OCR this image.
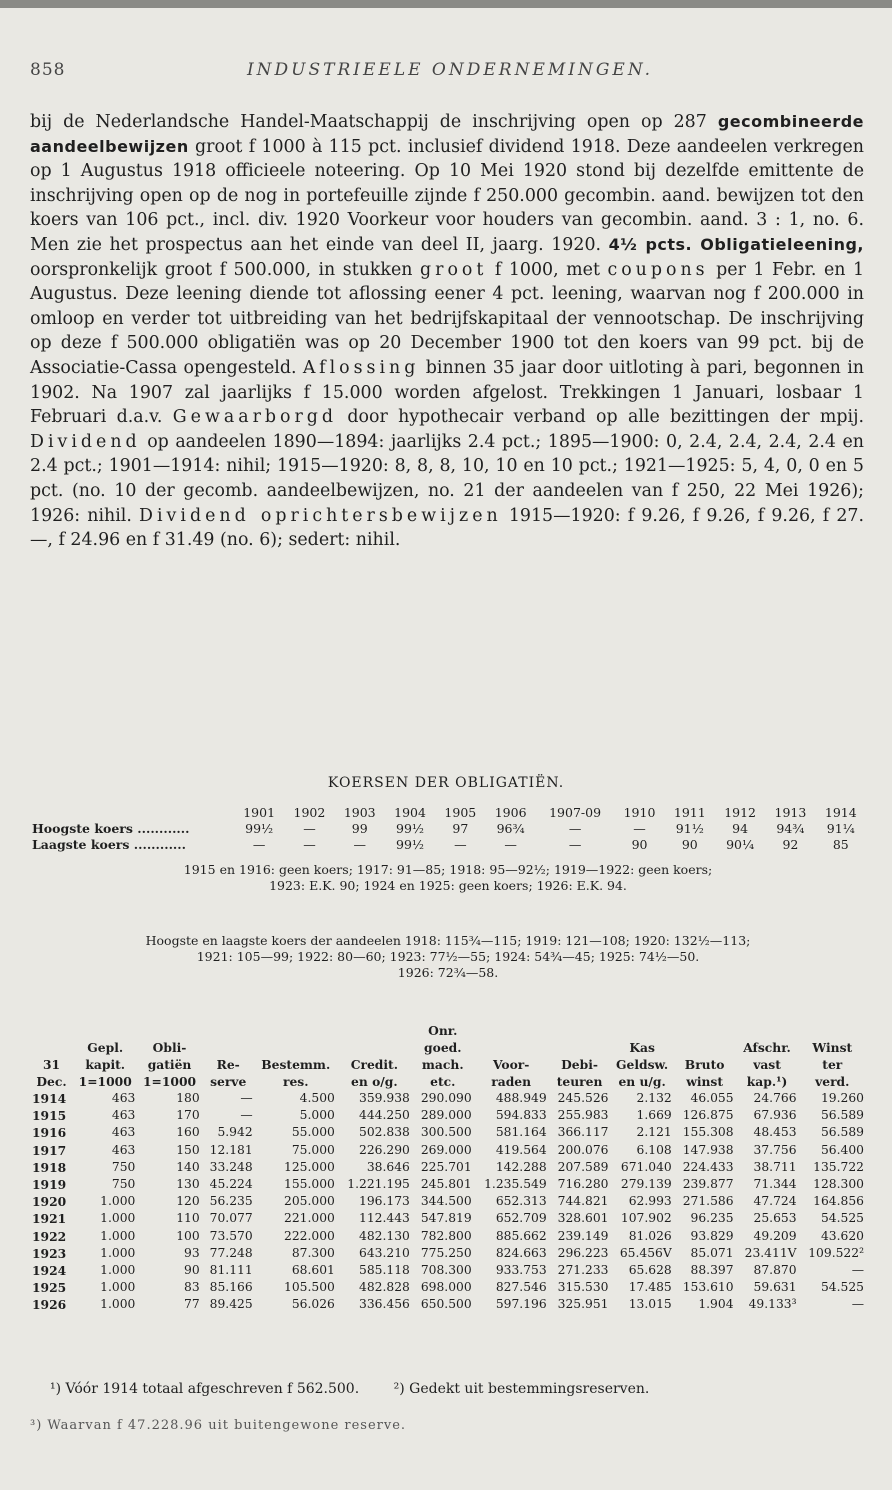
858	INDUSTRIEELE ONDERNEMINGEN.

bij de Nederlandsche Handel-Maatschappij de inschrijving open op 287 gecombineerde aandeelbewijzen groot f 1000 à 115 pct. inclusief dividend 1918. Deze aandeelen verkregen op 1 Augustus 1918 officieele noteering. Op 10 Mei 1920 stond bij dezelfde emittente de inschrijving open op de nog in portefeuille zijnde f 250.000 gecombin. aand. bewijzen tot den koers van 106 pct., incl. div. 1920 Voorkeur voor houders van gecombin. aand. 3 : 1, no. 6. Men zie het prospectus aan het einde van deel II, jaarg. 1920. 4½ pcts. Obligatieleening, oorspronkelijk groot f 500.000, in stukken groot f 1000, met coupons per 1 Febr. en 1 Augustus. Deze leening diende tot aflossing eener 4 pct. leening, waarvan nog f 200.000 in omloop en verder tot uitbreiding van het bedrijfskapitaal der vennootschap. De inschrijving op deze f 500.000 obligatiën was op 20 December 1900 tot den koers van 99 pct. bij de Associatie-Cassa opengesteld. Aflossing binnen 35 jaar door uitloting à pari, begonnen in 1902. Na 1907 zal jaarlijks f 15.000 worden afgelost. Trekkingen 1 Januari, losbaar 1 Februari d.a.v. Gewaarborgd door hypothecair verband op alle bezittingen der mpij. Dividend op aandeelen 1890—1894: jaarlijks 2.4 pct.; 1895—1900: 0, 2.4, 2.4, 2.4, 2.4 en 2.4 pct.; 1901—1914: nihil; 1915—1920: 8, 8, 8, 10, 10 en 10 pct.; 1921—1925: 5, 4, 0, 0 en 5 pct. (no. 10 der gecomb. aandeelbewijzen, no. 21 der aandeelen van f 250, 22 Mei 1926); 1926: nihil. Dividend oprichtersbewijzen 1915—1920: f 9.26, f 9.26, f 9.26, f 27.—, f 24.96 en f 31.49 (no. 6); sedert: nihil.

KOERSEN DER OBLIGATIËN.
	1901	1902	1903	1904	1905	1906	1907-09	1910	1911	1912	1913	1914
Hoogste koers ............	99½	—	99	99½	97	96¾	—	—	91½	94	94¾	91¼
Laagste koers ............	—	—	—	99½	—	—	—	90	90	90¼	92	85
1915 en 1916: geen koers; 1917: 91—85; 1918: 95—92½; 1919—1922: geen koers;
1923: E.K. 90; 1924 en 1925: geen koers; 1926: E.K. 94.
Hoogste en laagste koers der aandeelen 1918: 115¾—115; 1919: 121—108; 1920: 132½—113;
1921: 105—99; 1922: 80—60; 1923: 77½—55; 1924: 54¾—45; 1925: 74½—50.
1926: 72¾—58.
						Onr.						
	Gepl.	Obli-				goed.			Kas		Afschr.	Winst
31	kapit.	gatiën	Re-	Bestemm.	Credit.	mach.	Voor-	Debi-	Geldsw.	Bruto	vast	ter
Dec.	1=1000	1=1000	serve	res.	en o/g.	etc.	raden	teuren	en u/g.	winst	kap.¹)	verd.
1914	463	180	—	4.500	359.938	290.090	488.949	245.526	2.132	46.055	24.766	19.260
1915	463	170	—	5.000	444.250	289.000	594.833	255.983	1.669	126.875	67.936	56.589
1916	463	160	5.942	55.000	502.838	300.500	581.164	366.117	2.121	155.308	48.453	56.589
1917	463	150	12.181	75.000	226.290	269.000	419.564	200.076	6.108	147.938	37.756	56.400
1918	750	140	33.248	125.000	38.646	225.701	142.288	207.589	671.040	224.433	38.711	135.722
1919	750	130	45.224	155.000	1.221.195	245.801	1.235.549	716.280	279.139	239.877	71.344	128.300
1920	1.000	120	56.235	205.000	196.173	344.500	652.313	744.821	62.993	271.586	47.724	164.856
1921	1.000	110	70.077	221.000	112.443	547.819	652.709	328.601	107.902	96.235	25.653	54.525
1922	1.000	100	73.570	222.000	482.130	782.800	885.662	239.149	81.026	93.829	49.209	43.620
1923	1.000	93	77.248	87.300	643.210	775.250	824.663	296.223	65.456V	85.071	23.411V	109.522²
1924	1.000	90	81.111	68.601	585.118	708.300	933.753	271.233	65.628	88.397	87.870	—
1925	1.000	83	85.166	105.500	482.828	698.000	827.546	315.530	17.485	153.610	59.631	54.525
1926	1.000	77	89.425	56.026	336.456	650.500	597.196	325.951	13.015	1.904	49.133³	—
¹) Vóór 1914 totaal afgeschreven f 562.500. ²) Gedekt uit bestemmingsreserven.
³) Waarvan f 47.228.96 uit buitengewone reserve.
